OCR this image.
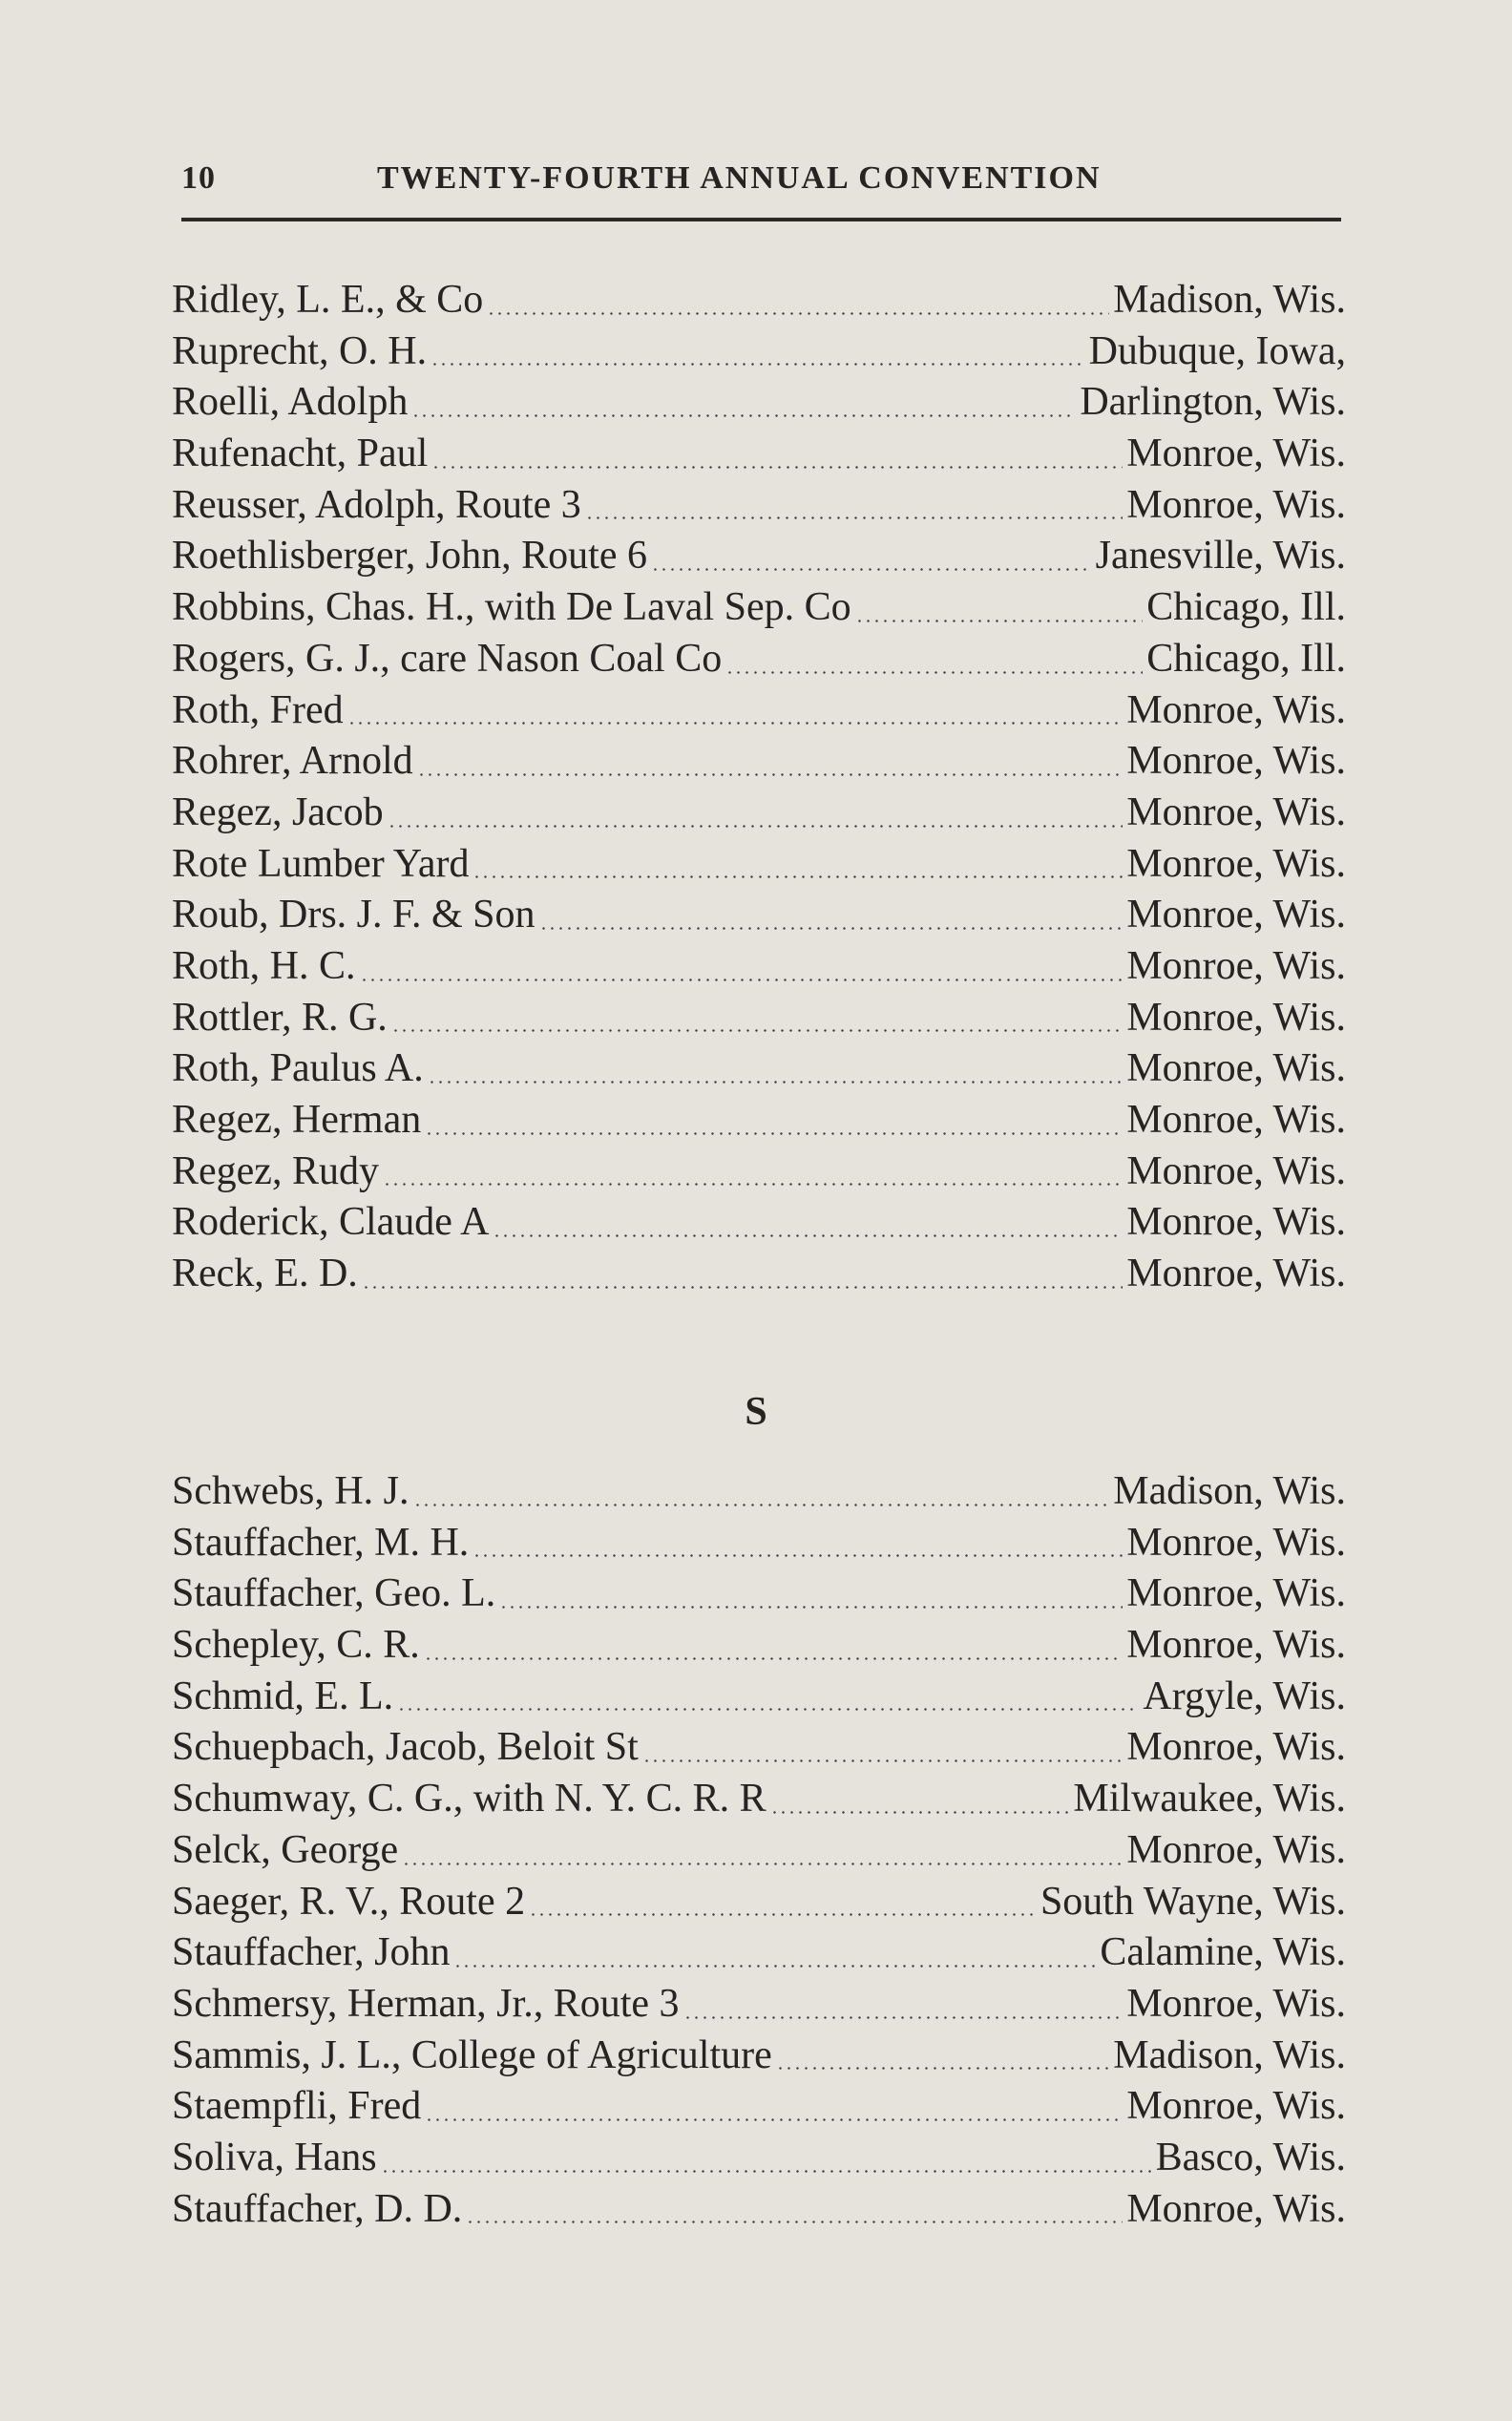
10	TWENTY-FOURTH ANNUAL CONVENTION
Ridley, L. E., & Co	Madison, Wis.
Ruprecht, O. H.	Dubuque, Iowa,
Roelli, Adolph	Darlington, Wis.
Rufenacht, Paul	Monroe, Wis.
Reusser, Adolph, Route 3	Monroe, Wis.
Roethlisberger, John, Route 6	Janesville, Wis.
Robbins, Chas. H., with De Laval Sep. Co	Chicago, Ill.
Rogers, G. J., care Nason Coal Co	Chicago, Ill.
Roth, Fred	Monroe, Wis.
Rohrer, Arnold	Monroe, Wis.
Regez, Jacob	Monroe, Wis.
Rote Lumber Yard	Monroe, Wis.
Roub, Drs. J. F. & Son	Monroe, Wis.
Roth, H. C.	Monroe, Wis.
Rottler, R. G.	Monroe, Wis.
Roth, Paulus A.	Monroe, Wis.
Regez, Herman	Monroe, Wis.
Regez, Rudy	Monroe, Wis.
Roderick, Claude A	Monroe, Wis.
Reck, E. D.	Monroe, Wis.
S
Schwebs, H. J.	Madison, Wis.
Stauffacher, M. H.	Monroe, Wis.
Stauffacher, Geo. L.	Monroe, Wis.
Schepley, C. R.	Monroe, Wis.
Schmid, E. L.	Argyle, Wis.
Schuepbach, Jacob, Beloit St	Monroe, Wis.
Schumway, C. G., with N. Y. C. R. R	Milwaukee, Wis.
Selck, George	Monroe, Wis.
Saeger, R. V., Route 2	South Wayne, Wis.
Stauffacher, John	Calamine, Wis.
Schmersy, Herman, Jr., Route 3	Monroe, Wis.
Sammis, J. L., College of Agriculture	Madison, Wis.
Staempfli, Fred	Monroe, Wis.
Soliva, Hans	Basco, Wis.
Stauffacher, D. D.	Monroe, Wis.
